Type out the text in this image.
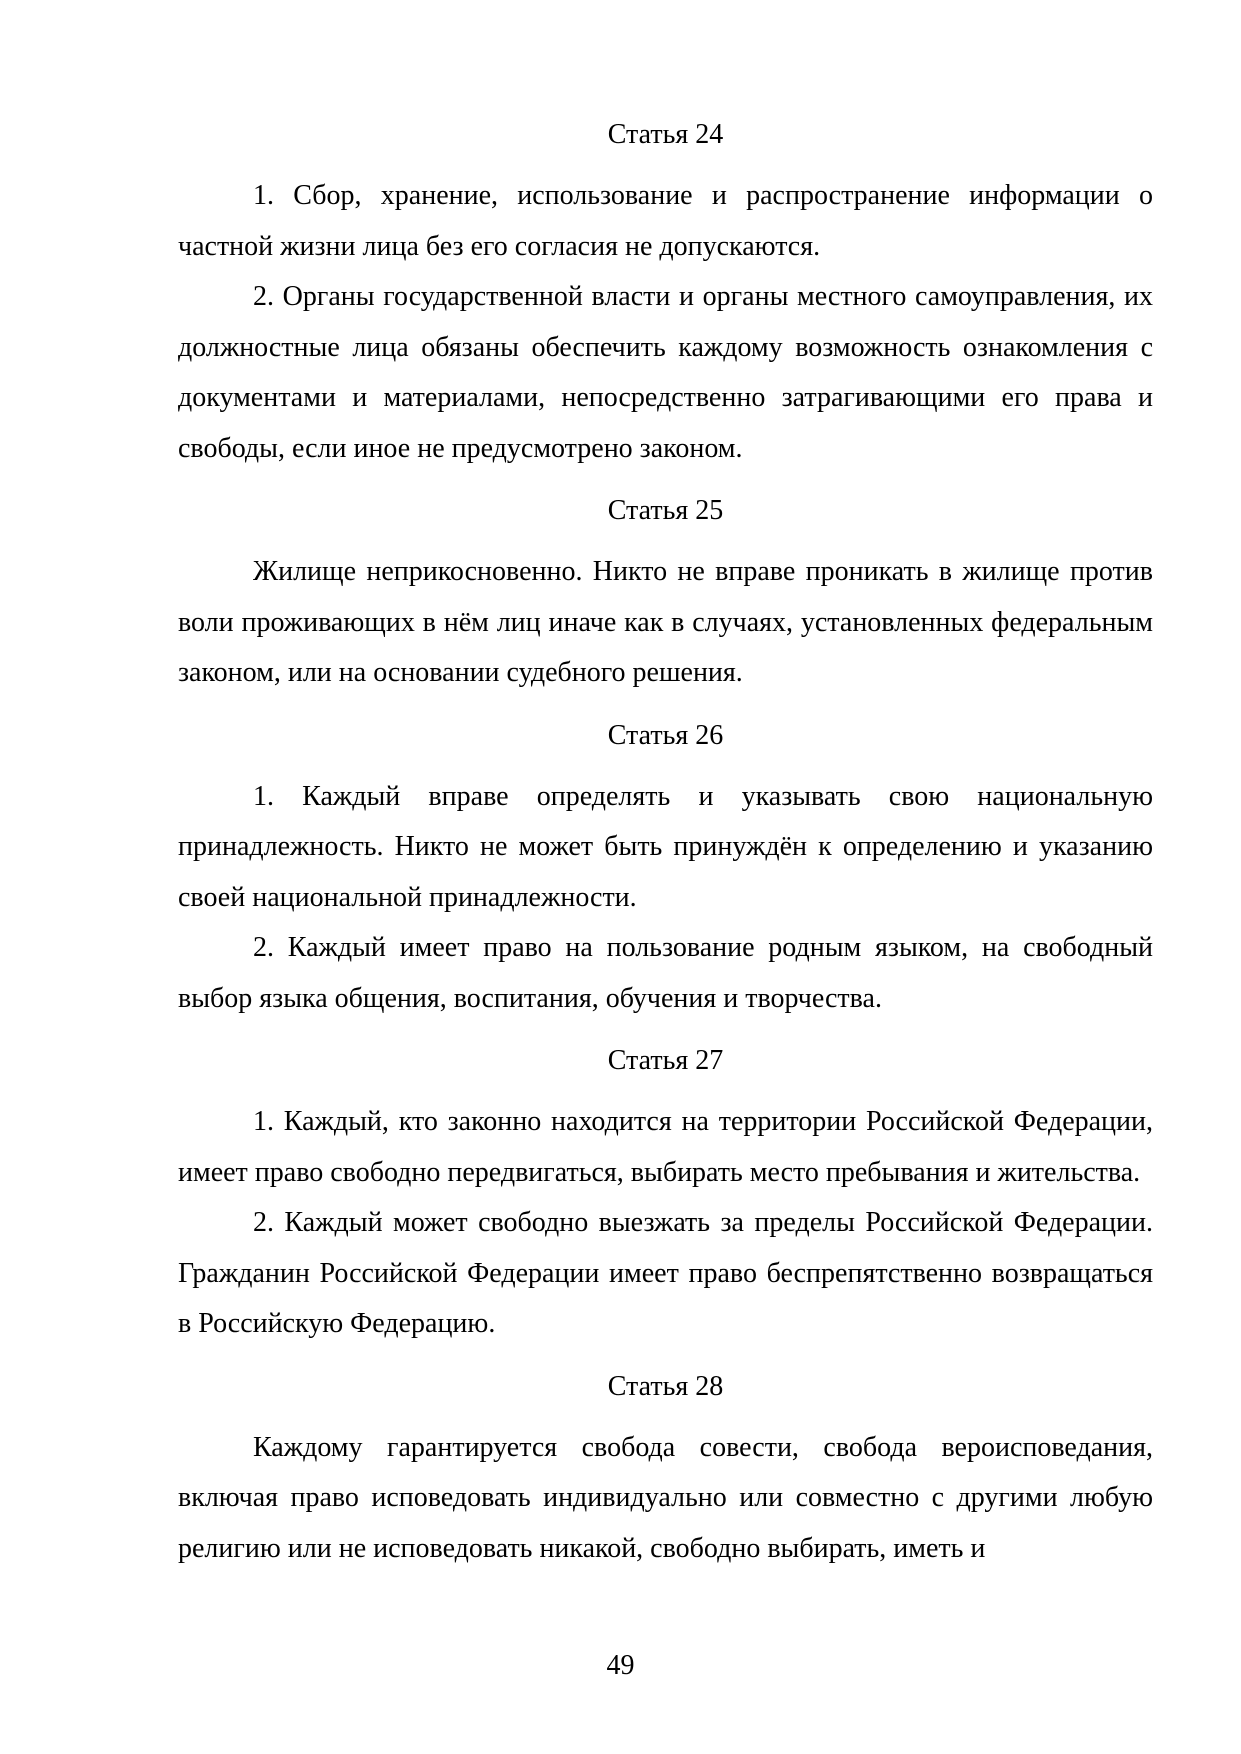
Статья 24

1. Сбор, хранение, использование и распространение информации о частной жизни лица без его согласия не допускаются.

2. Органы государственной власти и органы местного самоуправления, их должностные лица обязаны обеспечить каждому возможность ознакомления с документами и материалами, непосредственно затрагивающими его права и свободы, если иное не предусмотрено законом.

Статья 25

Жилище неприкосновенно. Никто не вправе проникать в жилище против воли проживающих в нём лиц иначе как в случаях, установленных федеральным законом, или на основании судебного решения.

Статья 26

1. Каждый вправе определять и указывать свою национальную принадлежность. Никто не может быть принуждён к определению и указанию своей национальной принадлежности.

2. Каждый имеет право на пользование родным языком, на свободный выбор языка общения, воспитания, обучения и творчества.

Статья 27

1. Каждый, кто законно находится на территории Российской Федерации, имеет право свободно передвигаться, выбирать место пребывания и жительства.

2. Каждый может свободно выезжать за пределы Российской Федерации. Гражданин Российской Федерации имеет право беспрепятственно возвращаться в Российскую Федерацию.

Статья 28

Каждому гарантируется свобода совести, свобода вероисповедания, включая право исповедовать индивидуально или совместно с другими любую религию или не исповедовать никакой, свободно выбирать, иметь и

49
